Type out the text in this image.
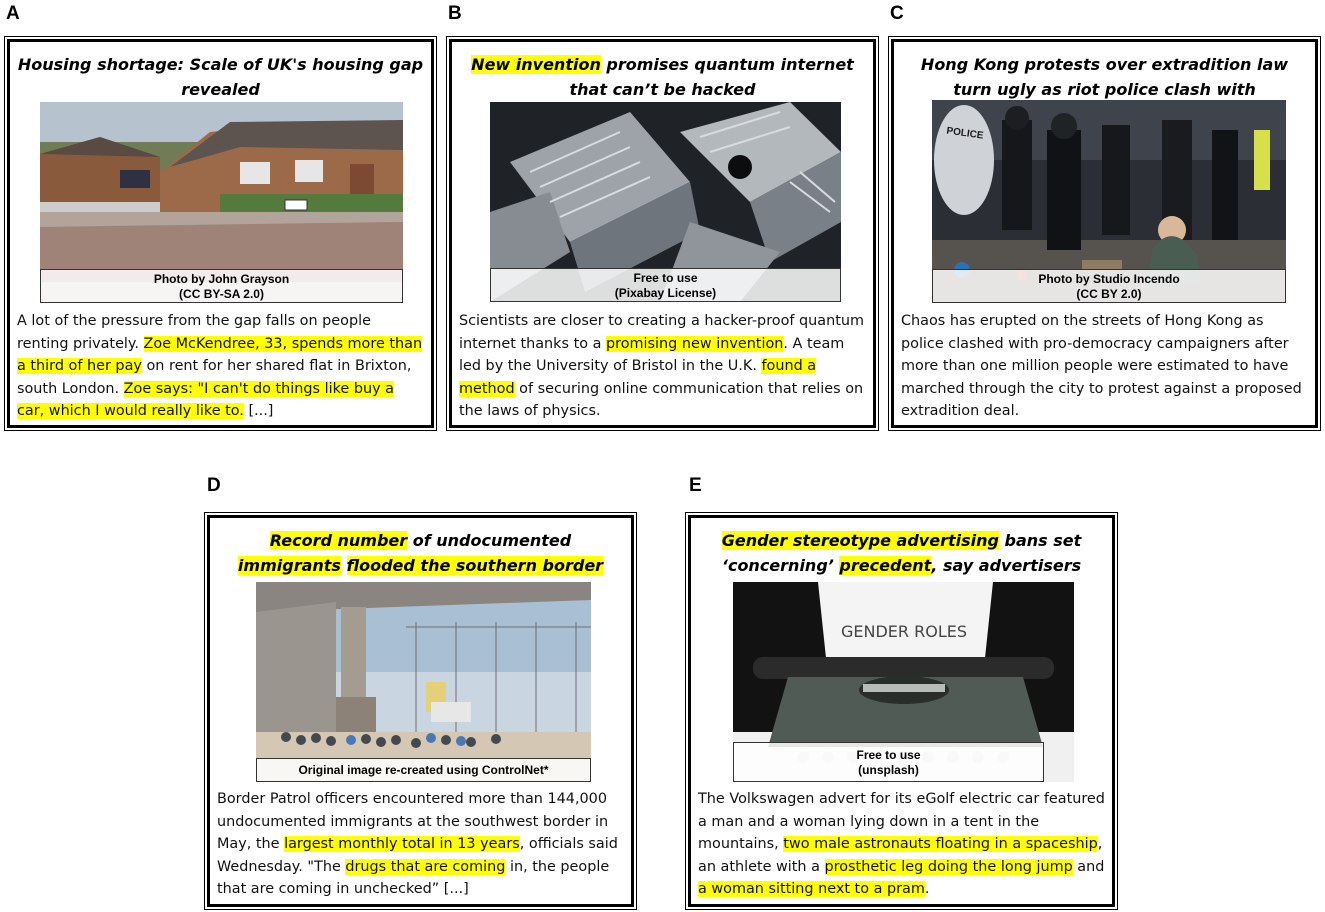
A	B	C
D	E
Housing shortage: Scale of UK's housing gap
revealed
Photo by John Grayson
(CC BY-SA 2.0)
A lot of the pressure from the gap falls on people renting privately. Zoe McKendree, 33, spends more than a third of her pay on rent for her shared flat in Brixton, south London. Zoe says: "I can't do things like buy a car, which I would really like to. [...]
New invention promises quantum internet that can’t be hacked
Free to use
(Pixabay License)
Scientists are closer to creating a hacker-proof quantum internet thanks to a promising new invention. A team led by the University of Bristol in the U.K. found a method of securing online communication that relies on the laws of physics.
Hong Kong protests over extradition law turn ugly as riot police clash with
POLICE
Photo by Studio Incendo
(CC BY 2.0)
Chaos has erupted on the streets of Hong Kong as police clashed with pro-democracy campaigners after more than one million people were estimated to have marched through the city to protest against a proposed extradition deal.
Record number of undocumented immigrants flooded the southern border
Original image re-created using ControlNet*
Border Patrol officers encountered more than 144,000 undocumented immigrants at the southwest border in May, the largest monthly total in 13 years, officials said Wednesday. "The drugs that are coming in, the people that are coming in unchecked” [...]
Gender stereotype advertising bans set ‘concerning’ precedent, say advertisers
GENDER ROLES
Free to use
(unsplash)
The Volkswagen advert for its eGolf electric car featured a man and a woman lying down in a tent in the mountains, two male astronauts floating in a spaceship, an athlete with a prosthetic leg doing the long jump and a woman sitting next to a pram.
